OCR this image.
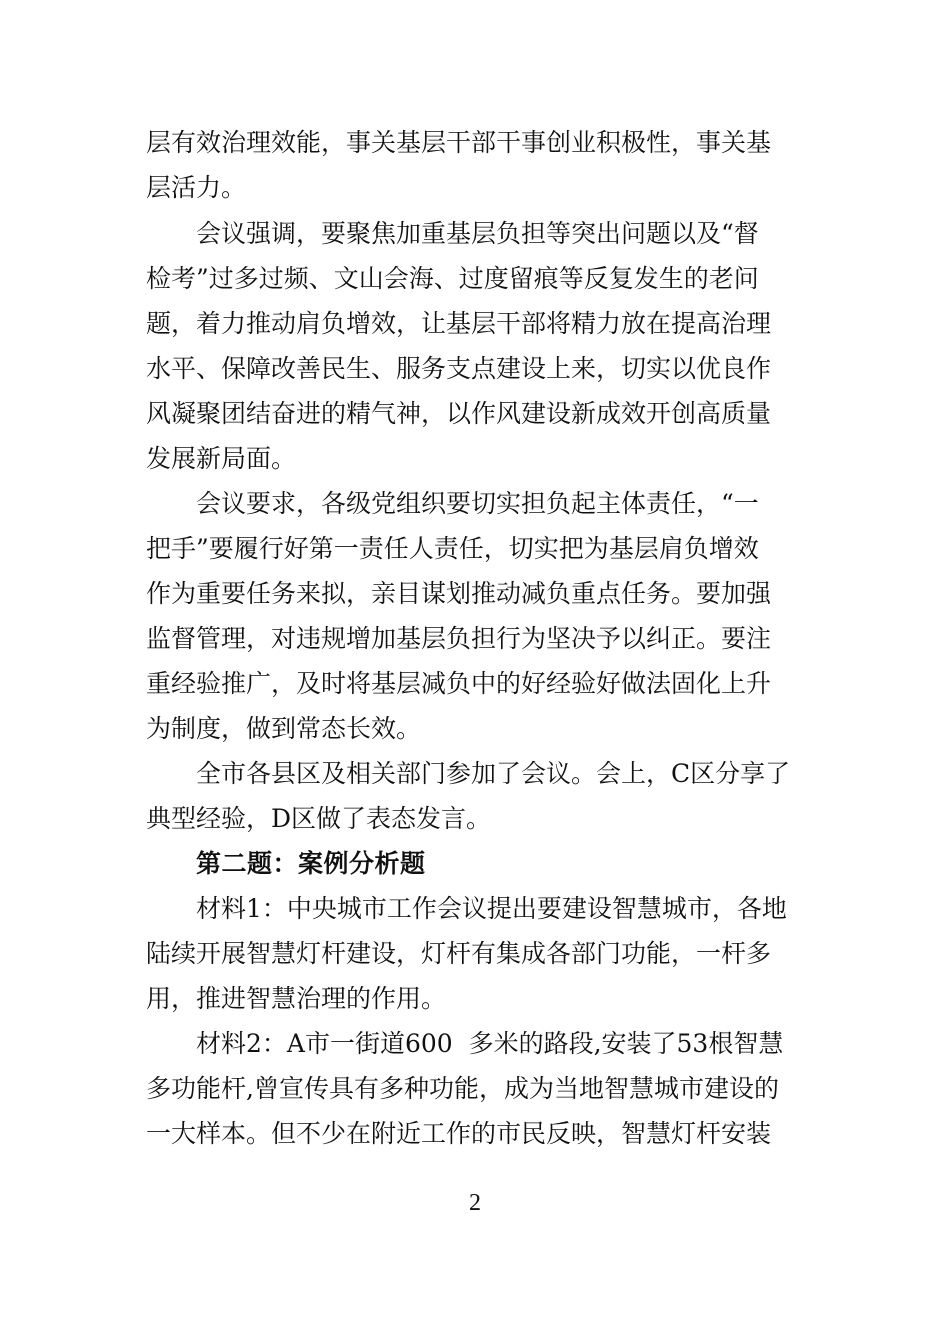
层有效治理效能，事关基层干部干事创业积极性，事关基
层活力。
会议强调，要聚焦加重基层负担等突出问题以及“督
检考”过多过频、文山会海、过度留痕等反复发生的老问
题，着力推动肩负增效，让基层干部将精力放在提高治理
水平、保障改善民生、服务支点建设上来，切实以优良作
风凝聚团结奋进的精气神，以作风建设新成效开创高质量
发展新局面。
会议要求，各级党组织要切实担负起主体责任，“一
把手”要履行好第一责任人责任，切实把为基层肩负增效
作为重要任务来拟，亲目谋划推动减负重点任务。要加强
监督管理，对违规增加基层负担行为坚决予以纠正。要注
重经验推广，及时将基层减负中的好经验好做法固化上升
为制度，做到常态长效。
全市各县区及相关部门参加了会议。会上，C区分享了
典型经验，D区做了表态发言。
第二题：案例分析题
材料1：中央城市工作会议提出要建设智慧城市，各地
陆续开展智慧灯杆建设，灯杆有集成各部门功能，一杆多
用，推进智慧治理的作用。
材料2：A市一街道600  多米的路段,安装了53根智慧
多功能杆,曾宣传具有多种功能，成为当地智慧城市建设的
一大样本。但不少在附近工作的市民反映，智慧灯杆安装
2
